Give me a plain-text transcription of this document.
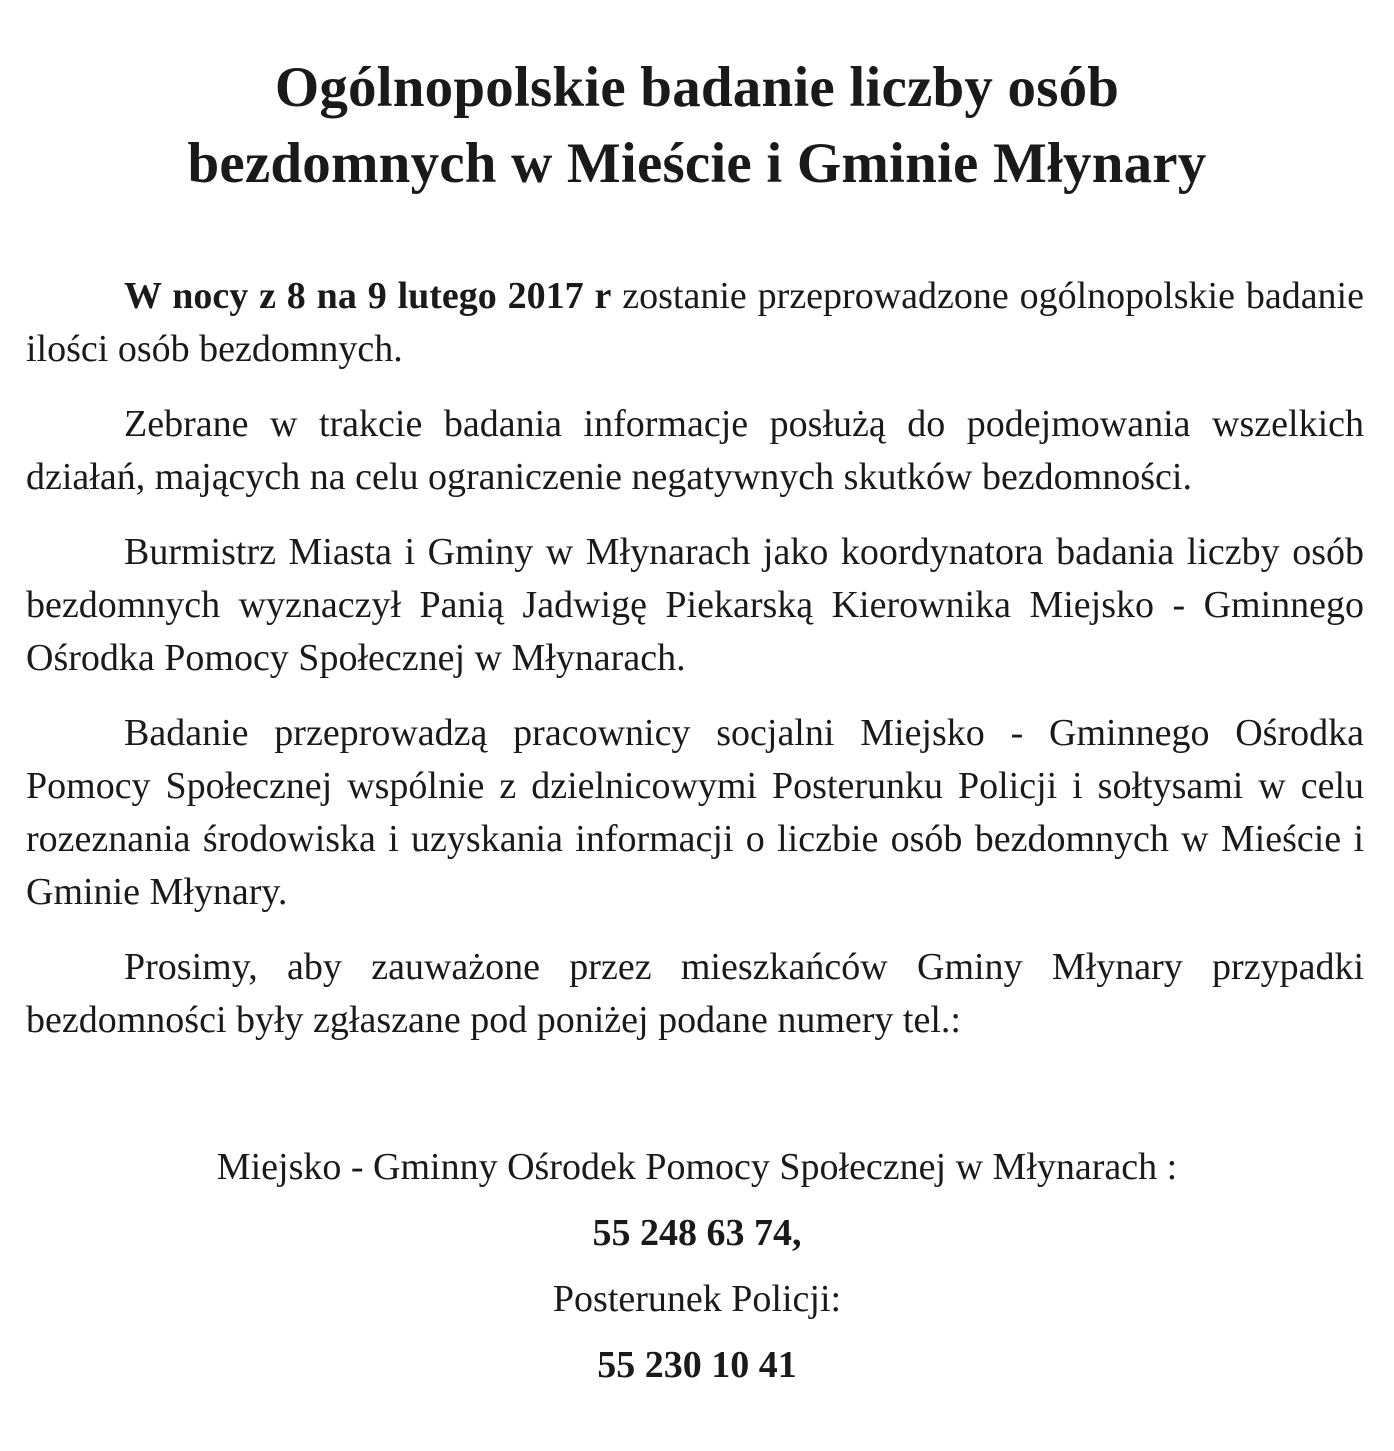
Ogólnopolskie badanie liczby osób
bezdomnych w Mieście i Gminie Młynary

W nocy z 8 na 9 lutego 2017 r zostanie przeprowadzone ogólnopolskie badanie ilości osób bezdomnych.

Zebrane w trakcie badania informacje posłużą do podejmowania wszelkich działań, mających na celu ograniczenie negatywnych skutków bezdomności.

Burmistrz Miasta i Gminy w Młynarach jako koordynatora badania liczby osób bezdomnych wyznaczył Panią Jadwigę Piekarską Kierownika Miejsko - Gminnego Ośrodka Pomocy Społecznej w Młynarach.

Badanie przeprowadzą pracownicy socjalni Miejsko - Gminnego Ośrodka Pomocy Społecznej wspólnie z dzielnicowymi Posterunku Policji i sołtysami w celu rozeznania środowiska i uzyskania informacji o liczbie osób bezdomnych w Mieście i Gminie Młynary.

Prosimy, aby zauważone przez mieszkańców Gminy Młynary przypadki bezdomności były zgłaszane pod poniżej podane numery tel.:

Miejsko - Gminny Ośrodek Pomocy Społecznej w Młynarach :

55 248 63 74,

Posterunek Policji:

55 230 10 41
